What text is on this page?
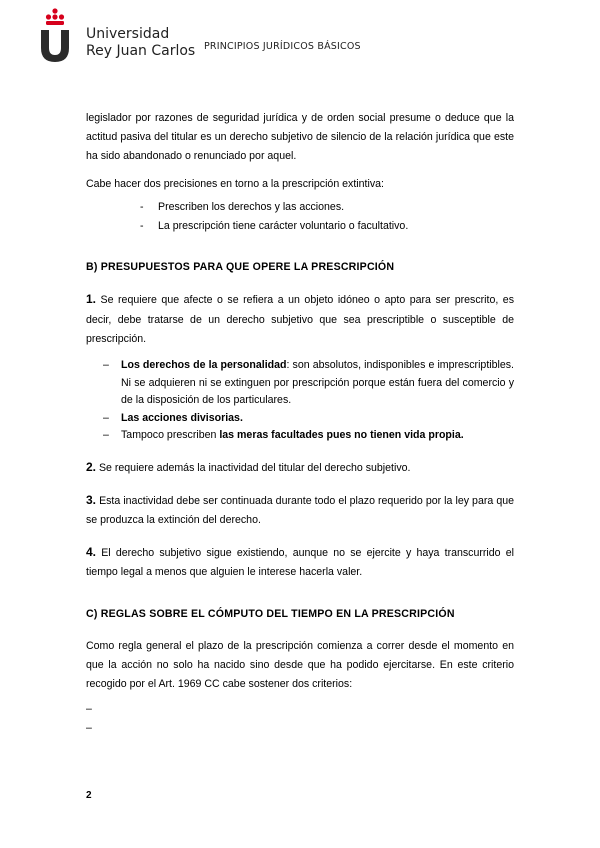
Universidad
Rey Juan Carlos PRINCIPIOS JURÍDICOS BÁSICOS

legislador por razones de seguridad jurídica y de orden social presume o deduce que la actitud pasiva del titular es un derecho subjetivo de silencio de la relación jurídica que este ha sido abandonado o renunciado por aquel.

Cabe hacer dos precisiones en torno a la prescripción extintiva:

- Prescriben los derechos y las acciones.
- La prescripción tiene carácter voluntario o facultativo.

B) PRESUPUESTOS PARA QUE OPERE LA PRESCRIPCIÓN

1. Se requiere que afecte o se refiera a un objeto idóneo o apto para ser prescrito, es decir, debe tratarse de un derecho subjetivo que sea prescriptible o susceptible de prescripción.

– Los derechos de la personalidad: son absolutos, indisponibles e imprescriptibles. Ni se adquieren ni se extinguen por prescripción porque están fuera del comercio y de la disposición de los particulares.
– Las acciones divisorias.
– Tampoco prescriben las meras facultades pues no tienen vida propia.

2. Se requiere además la inactividad del titular del derecho subjetivo.

3. Esta inactividad debe ser continuada durante todo el plazo requerido por la ley para que se produzca la extinción del derecho.

4. El derecho subjetivo sigue existiendo, aunque no se ejercite y haya transcurrido el tiempo legal a menos que alguien le interese hacerla valer.

C) REGLAS SOBRE EL CÓMPUTO DEL TIEMPO EN LA PRESCRIPCIÓN

Como regla general el plazo de la prescripción comienza a correr desde el momento en que la acción no solo ha nacido sino desde que ha podido ejercitarse. En este criterio recogido por el Art. 1969 CC cabe sostener dos criterios:

–
–
2
